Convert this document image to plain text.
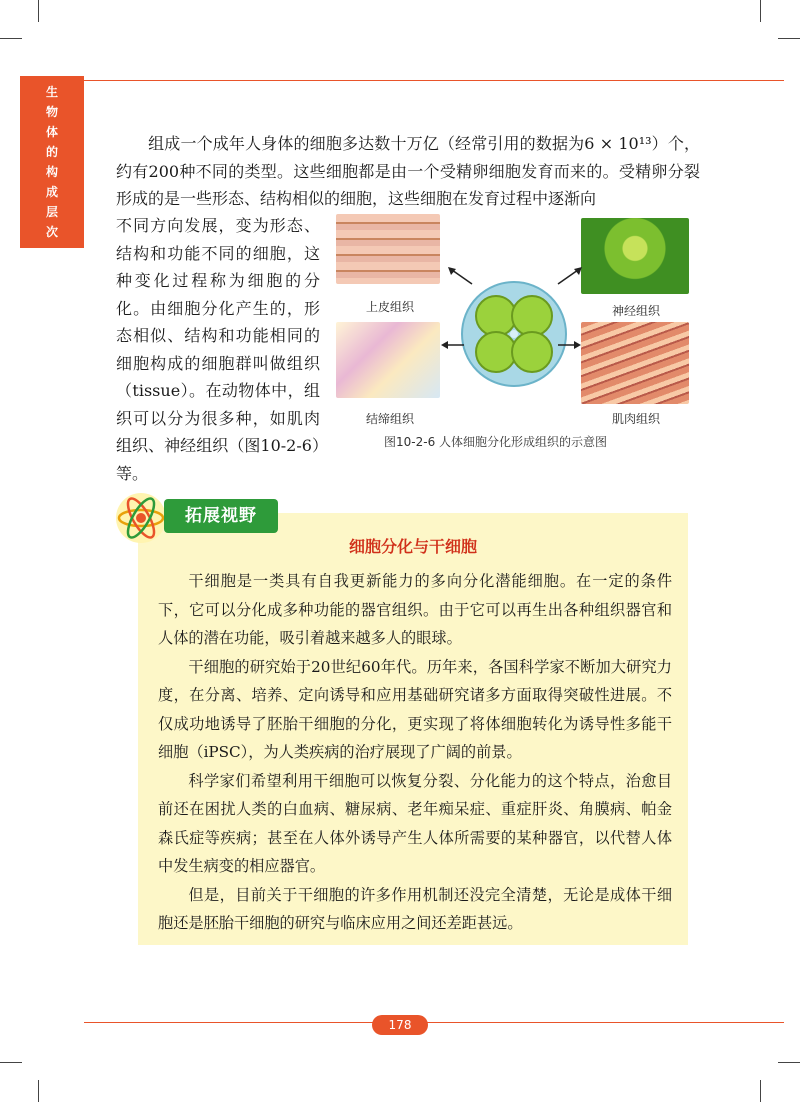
生
物
体
的
构
成
层
次
组成一个成年人身体的细胞多达数十万亿（经常引用的数据为6 × 10¹³）个，约有200种不同的类型。这些细胞都是由一个受精卵细胞发育而来的。受精卵分裂形成的是一些形态、结构相似的细胞，这些细胞在发育过程中逐渐向
不同方向发展，变为形态、结构和功能不同的细胞，这种变化过程称为细胞的分化。由细胞分化产生的，形态相似、结构和功能相同的细胞构成的细胞群叫做组织（tissue）。在动物体中，组织可以分为很多种，如肌肉组织、神经组织（图10-2-6）等。
上皮组织	神经组织
结缔组织	肌肉组织
图10-2-6 人体细胞分化形成组织的示意图
拓展视野
细胞分化与干细胞

干细胞是一类具有自我更新能力的多向分化潜能细胞。在一定的条件下，它可以分化成多种功能的器官组织。由于它可以再生出各种组织器官和人体的潜在功能，吸引着越来越多人的眼球。

干细胞的研究始于20世纪60年代。历年来，各国科学家不断加大研究力度，在分离、培养、定向诱导和应用基础研究诸多方面取得突破性进展。不仅成功地诱导了胚胎干细胞的分化，更实现了将体细胞转化为诱导性多能干细胞（iPSC），为人类疾病的治疗展现了广阔的前景。

科学家们希望利用干细胞可以恢复分裂、分化能力的这个特点，治愈目前还在困扰人类的白血病、糖尿病、老年痴呆症、重症肝炎、角膜病、帕金森氏症等疾病；甚至在人体外诱导产生人体所需要的某种器官，以代替人体中发生病变的相应器官。

但是，目前关于干细胞的许多作用机制还没完全清楚，无论是成体干细胞还是胚胎干细胞的研究与临床应用之间还差距甚远。

178
